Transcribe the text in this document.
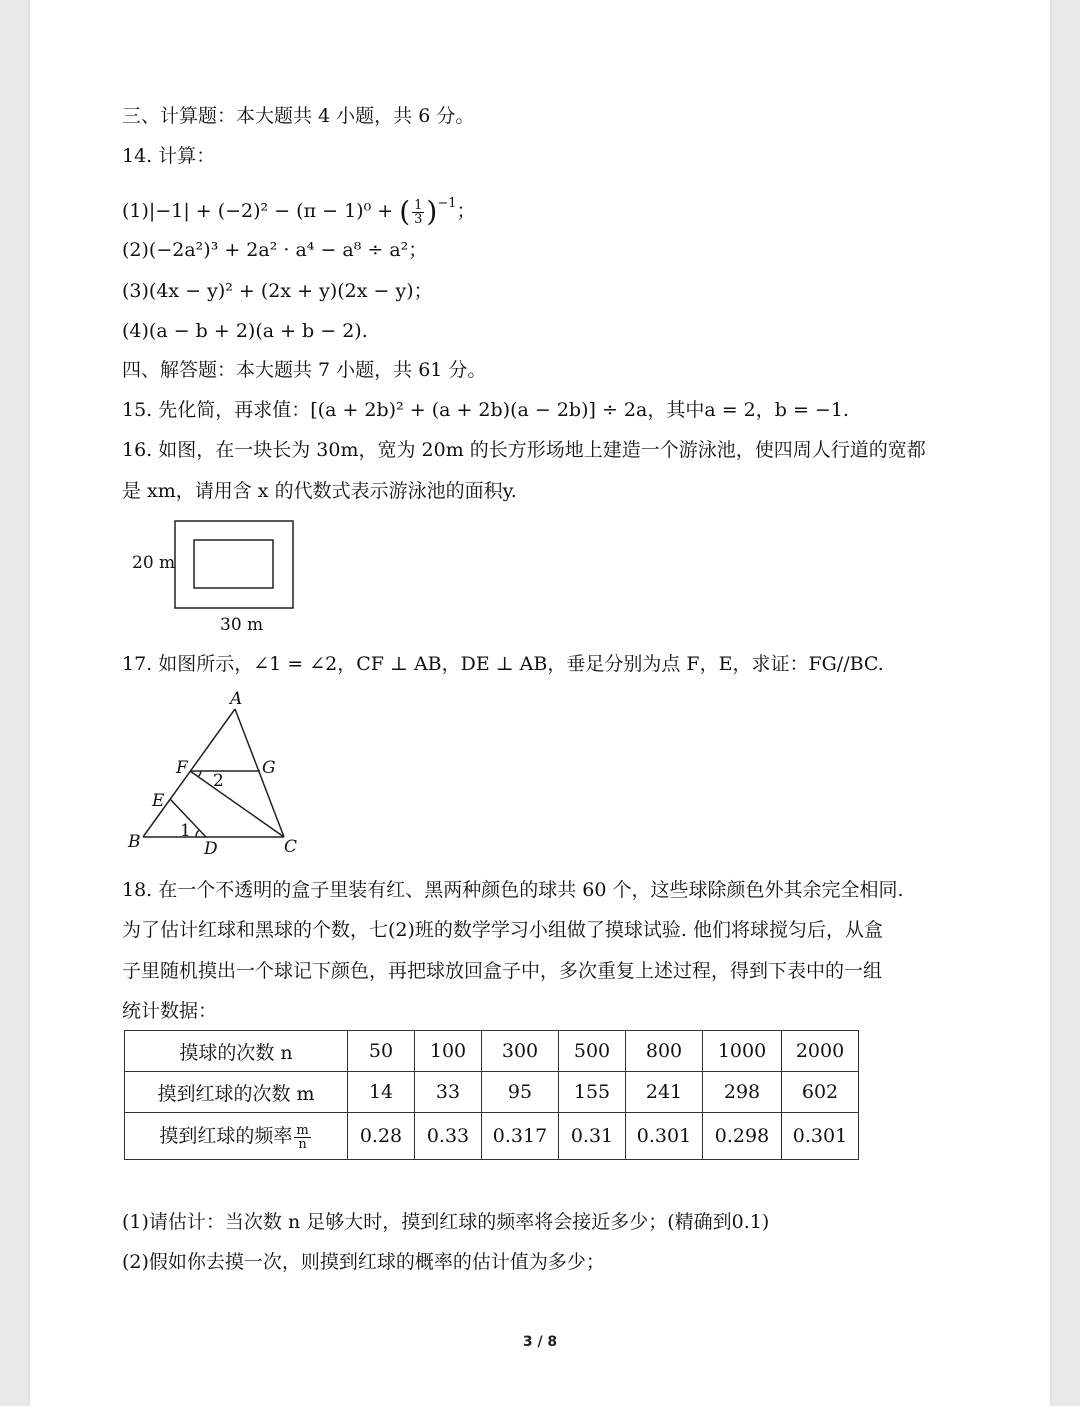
三、计算题：本大题共 4 小题，共 6 分。
14. 计算：
(1)|−1| + (−2)² − (π − 1)⁰ + ( $\frac{1}{3} )^{-1}$；
(2)(−2a²)³ + 2a² · a⁴ − a⁸ ÷ a²；
(3)(4x − y)² + (2x + y)(2x − y)；
(4)(a − b + 2)(a + b − 2).
四、解答题：本大题共 7 小题，共 61 分。
15. 先化简，再求值：[(a + 2b)² + (a + 2b)(a − 2b)] ÷ 2a，其中a = 2，b = −1.
16. 如图，在一块长为 30m，宽为 20m 的长方形场地上建造一个游泳池，使四周人行道的宽都
是 xm，请用含 x 的代数式表示游泳池的面积y.
20 m
30 m
17. 如图所示，∠1 = ∠2，CF ⊥ AB，DE ⊥ AB，垂足分别为点 F，E，求证：FG//BC.
A
B	C
D
E
F	G
1
2
18. 在一个不透明的盒子里装有红、黑两种颜色的球共 60 个，这些球除颜色外其余完全相同.
为了估计红球和黑球的个数，七(2)班的数学学习小组做了摸球试验. 他们将球搅匀后，从盒
子里随机摸出一个球记下颜色，再把球放回盒子中，多次重复上述过程，得到下表中的一组
统计数据：
摸球的次数 n	50	100	300	500	800	1000	2000
摸到红球的次数 m	14	33	95	155	241	298	602
摸到红球的频率 $\frac{m}{n}$	0.28	0.33	0.317	0.31	0.301	0.298	0.301
(1)请估计：当次数 n 足够大时，摸到红球的频率将会接近多少；(精确到0.1)
(2)假如你去摸一次，则摸到红球的概率的估计值为多少；
3 / 8
